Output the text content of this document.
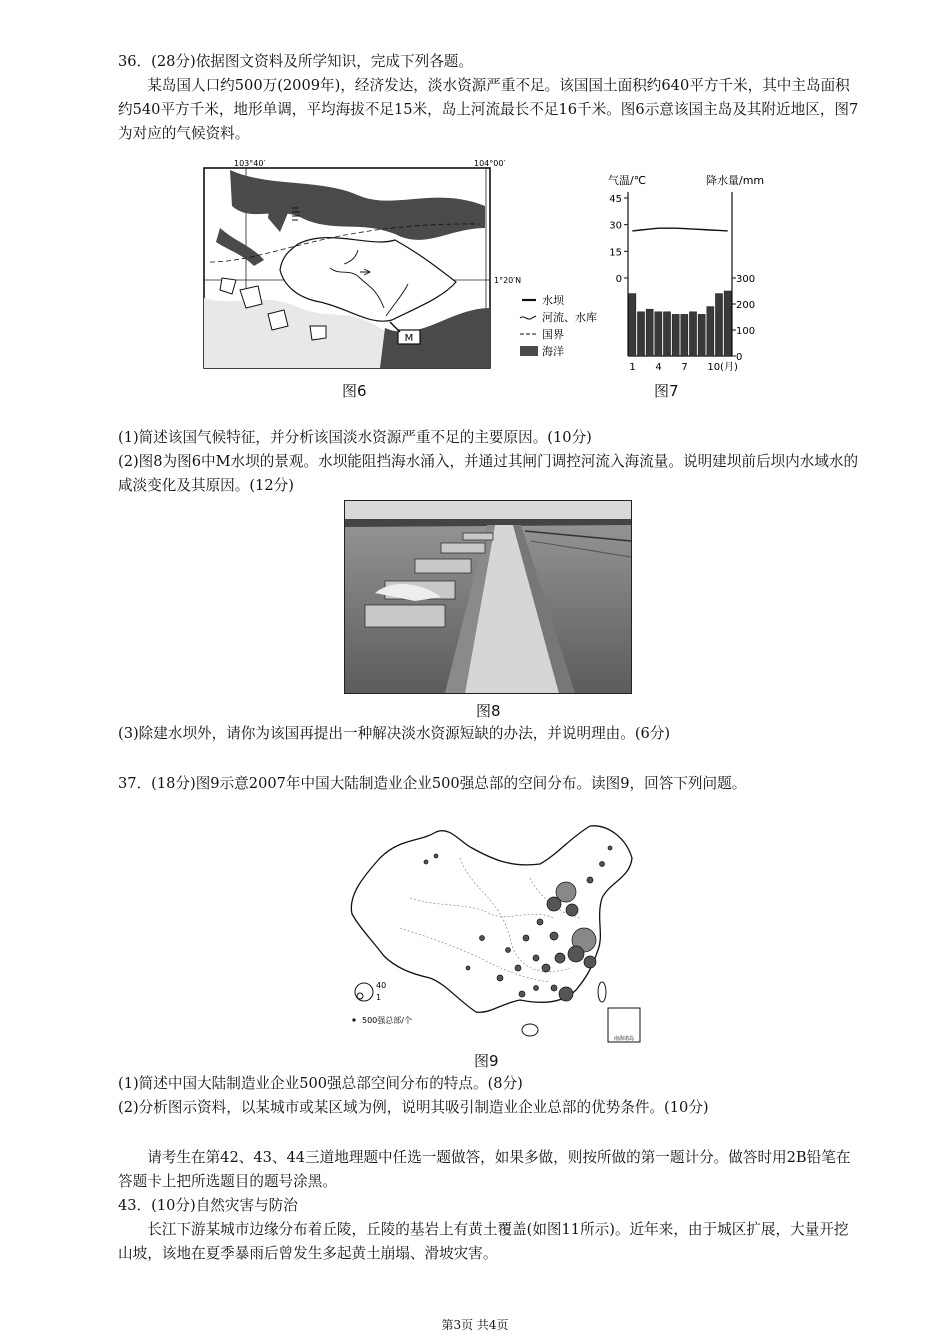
36．(28分)依据图文资料及所学知识，完成下列各题。

某岛国人口约500万(2009年)，经济发达，淡水资源严重不足。该国国土面积约640平方千米，其中主岛面积约540平方千米，地形单调，平均海拔不足15米，岛上河流最长不足16千米。图6示意该国主岛及其附近地区，图7为对应的气候资料。

M
103°40′	104°00′
1°20′N
水坝
河流、水库
国界
海洋
图6
气温/℃	降水量/mm
45
30
15
0	300
200
100
0
1 4 7 10(月)
图7

(1)简述该国气候特征，并分析该国淡水资源严重不足的主要原因。(10分)

(2)图8为图6中M水坝的景观。水坝能阻挡海水涌入，并通过其闸门调控河流入海流量。说明建坝前后坝内水域水的咸淡变化及其原因。(12分)

图8

(3)除建水坝外，请你为该国再提出一种解决淡水资源短缺的办法，并说明理由。(6分)

37．(18分)图9示意2007年中国大陆制造业企业500强总部的空间分布。读图9，回答下列问题。

南海诸岛
40
1
500强总部/个
图9

(1)简述中国大陆制造业企业500强总部空间分布的特点。(8分)

(2)分析图示资料，以某城市或某区域为例，说明其吸引制造业企业总部的优势条件。(10分)

请考生在第42、43、44三道地理题中任选一题做答，如果多做，则按所做的第一题计分。做答时用2B铅笔在答题卡上把所选题目的题号涂黑。

43．(10分)自然灾害与防治

长江下游某城市边缘分布着丘陵，丘陵的基岩上有黄土覆盖(如图11所示)。近年来，由于城区扩展，大量开挖山坡，该地在夏季暴雨后曾发生多起黄土崩塌、滑坡灾害。

第3页 共4页
